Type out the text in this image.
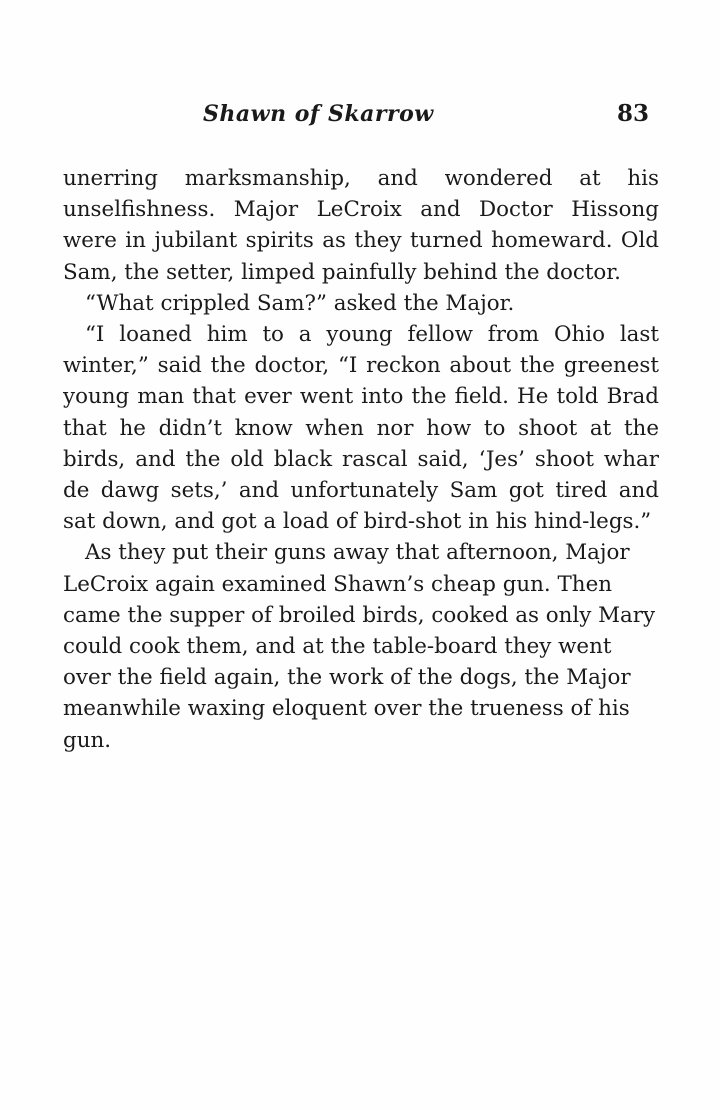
Shawn of Skarrow	83

unerring marksmanship, and wondered at his unselfishness. Major LeCroix and Doctor Hissong were in jubilant spirits as they turned homeward. Old Sam, the setter, limped painfully behind the doctor.

“What crippled Sam?” asked the Major.

“I loaned him to a young fellow from Ohio last winter,” said the doctor, “I reckon about the greenest young man that ever went into the field. He told Brad that he didn’t know when nor how to shoot at the birds, and the old black rascal said, ‘Jes’ shoot whar de dawg sets,’ and unfortunately Sam got tired and sat down, and got a load of bird-shot in his hind-legs.”

As they put their guns away that afternoon, Major LeCroix again examined Shawn’s cheap gun. Then came the supper of broiled birds, cooked as only Mary could cook them, and at the table-board they went over the field again, the work of the dogs, the Major meanwhile waxing eloquent over the trueness of his gun.
